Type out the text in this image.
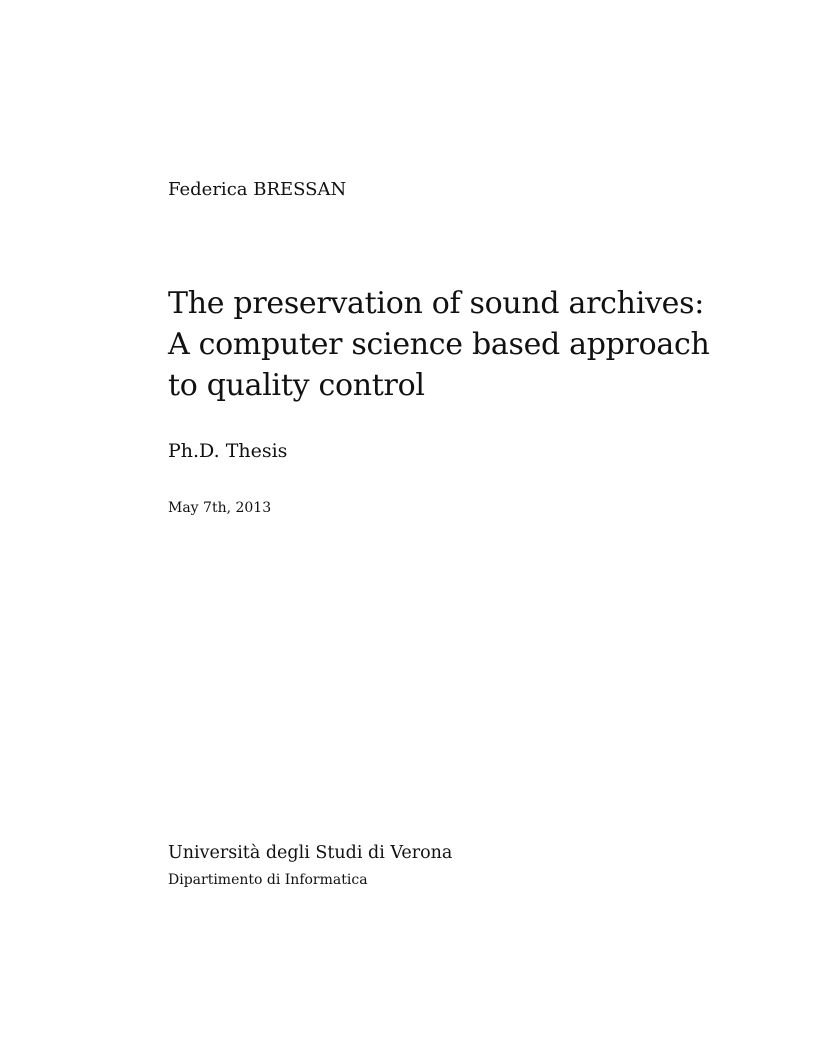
Federica BRESSAN

The preservation of sound archives:
A computer science based approach
to quality control

Ph.D. Thesis

May 7th, 2013

Università degli Studi di Verona

Dipartimento di Informatica
